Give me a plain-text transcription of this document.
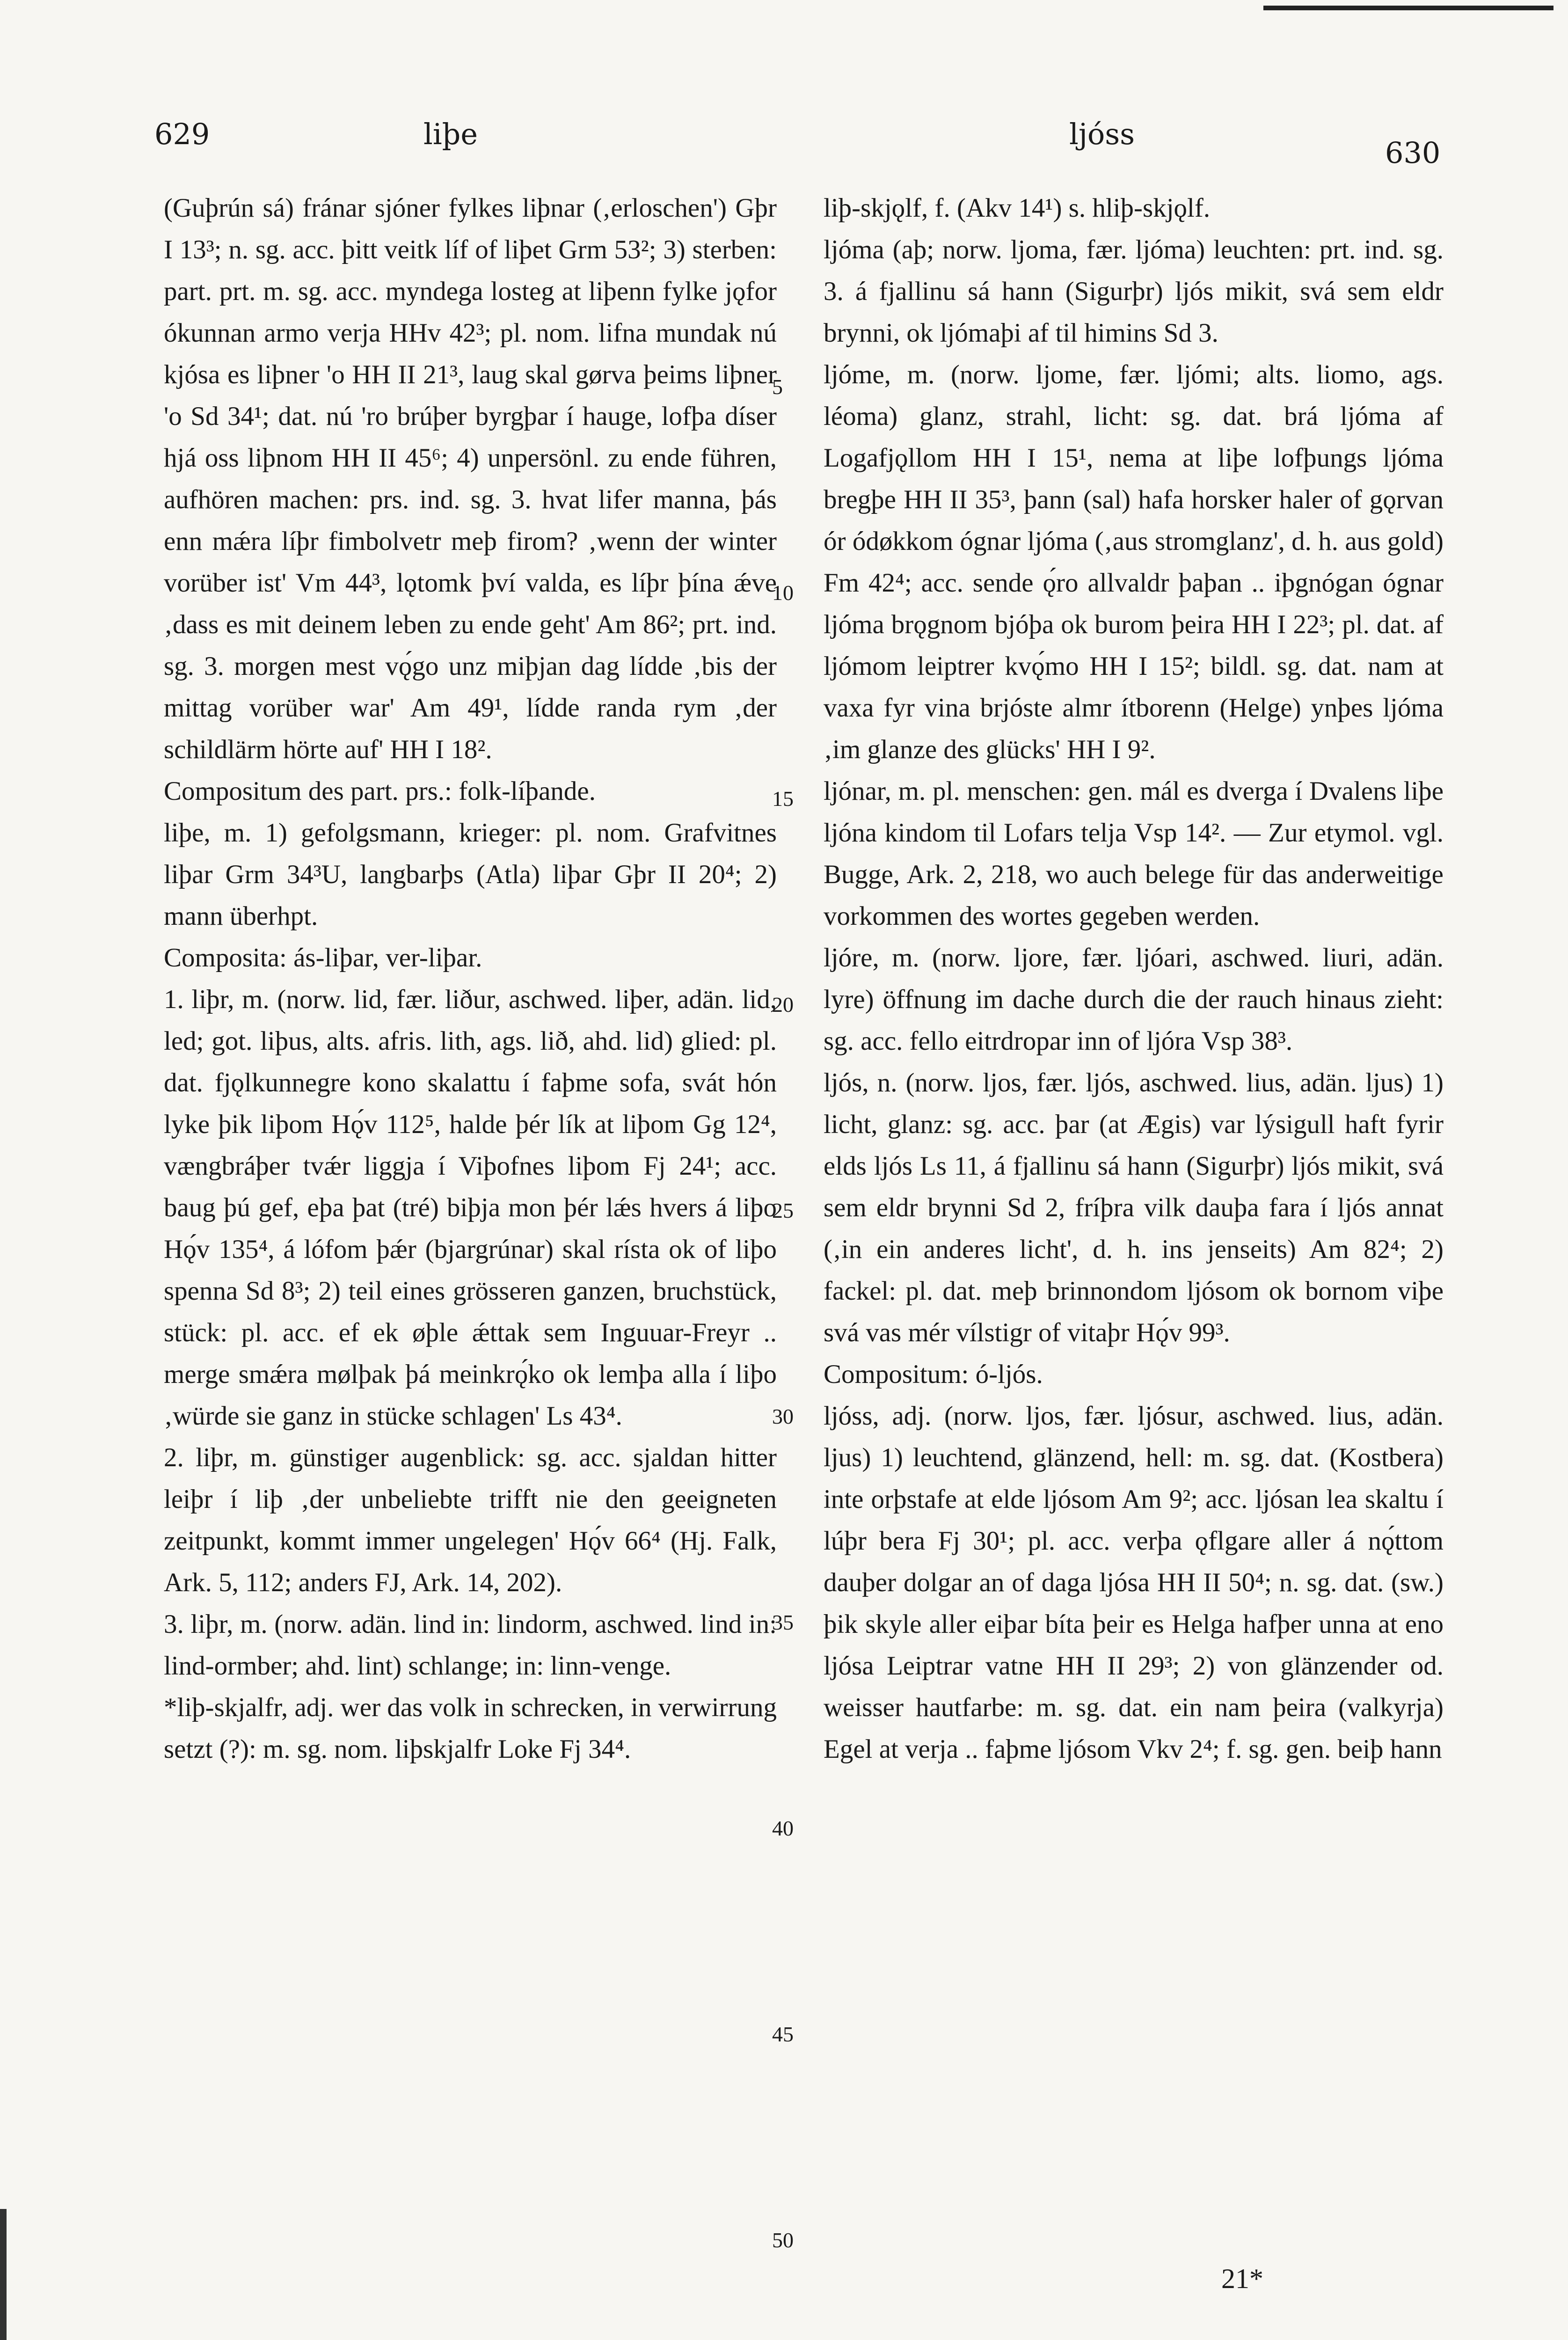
629	liþe	ljóss
630

(Guþrún sá) fránar sjóner fylkes liþnar (‚erloschen') Gþr I 13³; n. sg. acc. þitt veitk líf of liþet Grm 53²; 3) sterben: part. prt. m. sg. acc. myndega losteg at liþenn fylke jǫfor ókunnan armo verja HHv 42³; pl. nom. lifna mundak nú kjósa es liþner 'o HH II 21³, laug skal gørva þeims liþner 'o Sd 34¹; dat. nú 'ro brúþer byrgþar í hauge, lofþa díser hjá oss liþnom HH II 45⁶; 4) unpersönl. zu ende führen, aufhören machen: prs. ind. sg. 3. hvat lifer manna, þás enn mǽra líþr fimbolvetr meþ firom? ‚wenn der winter vorüber ist' Vm 44³, lǫtomk því valda, es líþr þína ǽve ‚dass es mit deinem leben zu ende geht' Am 86²; prt. ind. sg. 3. morgen mest vǫ́go unz miþjan dag lídde ‚bis der mittag vorüber war' Am 49¹, lídde randa rym ‚der schildlärm hörte auf' HH I 18².

Compositum des part. prs.: folk-líþande.

liþe, m. 1) gefolgsmann, krieger: pl. nom. Grafvitnes liþar Grm 34³U, langbarþs (Atla) liþar Gþr II 20⁴; 2) mann überhpt.

Composita: ás-liþar, ver-liþar.

1. liþr, m. (norw. lid, fær. liður, aschwed. liþer, adän. lid, led; got. liþus, alts. afris. lith, ags. lið, ahd. lid) glied: pl. dat. fjǫlkunnegre kono skalattu í faþme sofa, svát hón lyke þik liþom Hǫ́v 112⁵, halde þér lík at liþom Gg 12⁴, vængbráþer tvǽr liggja í Viþofnes liþom Fj 24¹; acc. baug þú gef, eþa þat (tré) biþja mon þér lǽs hvers á liþo Hǫ́v 135⁴, á lófom þǽr (bjargrúnar) skal rísta ok of liþo spenna Sd 8³; 2) teil eines grösseren ganzen, bruchstück, stück: pl. acc. ef ek øþle ǽttak sem Inguuar-Freyr .. merge smǽra mølþak þá meinkrǫ́ko ok lemþa alla í liþo ‚würde sie ganz in stücke schlagen' Ls 43⁴.

2. liþr, m. günstiger augenblick: sg. acc. sjaldan hitter leiþr í liþ ‚der unbeliebte trifft nie den geeigneten zeitpunkt, kommt immer ungelegen' Hǫ́v 66⁴ (Hj. Falk, Ark. 5, 112; anders FJ, Ark. 14, 202).

3. liþr, m. (norw. adän. lind in: lindorm, aschwed. lind in: lind-ormber; ahd. lint) schlange; in: linn-venge.

*liþ-skjalfr, adj. wer das volk in schrecken, in verwirrung setzt (?): m. sg. nom. liþskjalfr Loke Fj 34⁴.

liþ-skjǫlf, f. (Akv 14¹) s. hliþ-skjǫlf.

ljóma (aþ; norw. ljoma, fær. ljóma) leuchten: prt. ind. sg. 3. á fjallinu sá hann (Sigurþr) ljós mikit, svá sem eldr brynni, ok ljómaþi af til himins Sd 3.

ljóme, m. (norw. ljome, fær. ljómi; alts. liomo, ags. léoma) glanz, strahl, licht: sg. dat. brá ljóma af Logafjǫllom HH I 15¹, nema at liþe lofþungs ljóma bregþe HH II 35³, þann (sal) hafa horsker haler of gǫrvan ór ódøkkom ógnar ljóma (‚aus stromglanz', d. h. aus gold) Fm 42⁴; acc. sende ǫ́ro allvaldr þaþan .. iþgnógan ógnar ljóma brǫgnom bjóþa ok burom þeira HH I 22³; pl. dat. af ljómom leiptrer kvǫ́mo HH I 15²; bildl. sg. dat. nam at vaxa fyr vina brjóste almr ítborenn (Helge) ynþes ljóma ‚im glanze des glücks' HH I 9².

ljónar, m. pl. menschen: gen. mál es dverga í Dvalens liþe ljóna kindom til Lofars telja Vsp 14². — Zur etymol. vgl. Bugge, Ark. 2, 218, wo auch belege für das anderweitige vorkommen des wortes gegeben werden.

ljóre, m. (norw. ljore, fær. ljóari, aschwed. liuri, adän. lyre) öffnung im dache durch die der rauch hinaus zieht: sg. acc. fello eitrdropar inn of ljóra Vsp 38³.

ljós, n. (norw. ljos, fær. ljós, aschwed. lius, adän. ljus) 1) licht, glanz: sg. acc. þar (at Ægis) var lýsigull haft fyrir elds ljós Ls 11, á fjallinu sá hann (Sigurþr) ljós mikit, svá sem eldr brynni Sd 2, fríþra vilk dauþa fara í ljós annat (‚in ein anderes licht', d. h. ins jenseits) Am 82⁴; 2) fackel: pl. dat. meþ brinnondom ljósom ok bornom viþe svá vas mér vílstigr of vitaþr Hǫ́v 99³.

Compositum: ó-ljós.

ljóss, adj. (norw. ljos, fær. ljósur, aschwed. lius, adän. ljus) 1) leuchtend, glänzend, hell: m. sg. dat. (Kostbera) inte orþstafe at elde ljósom Am 9²; acc. ljósan lea skaltu í lúþr bera Fj 30¹; pl. acc. verþa ǫflgare aller á nǫ́ttom dauþer dolgar an of daga ljósa HH II 50⁴; n. sg. dat. (sw.) þik skyle aller eiþar bíta þeir es Helga hafþer unna at eno ljósa Leiptrar vatne HH II 29³; 2) von glänzender od. weisser hautfarbe: m. sg. dat. ein nam þeira (valkyrja) Egel at verja .. faþme ljósom Vkv 2⁴; f. sg. gen. beiþ hann

5
10
15
20
25
30
35
40
45
50
21*
